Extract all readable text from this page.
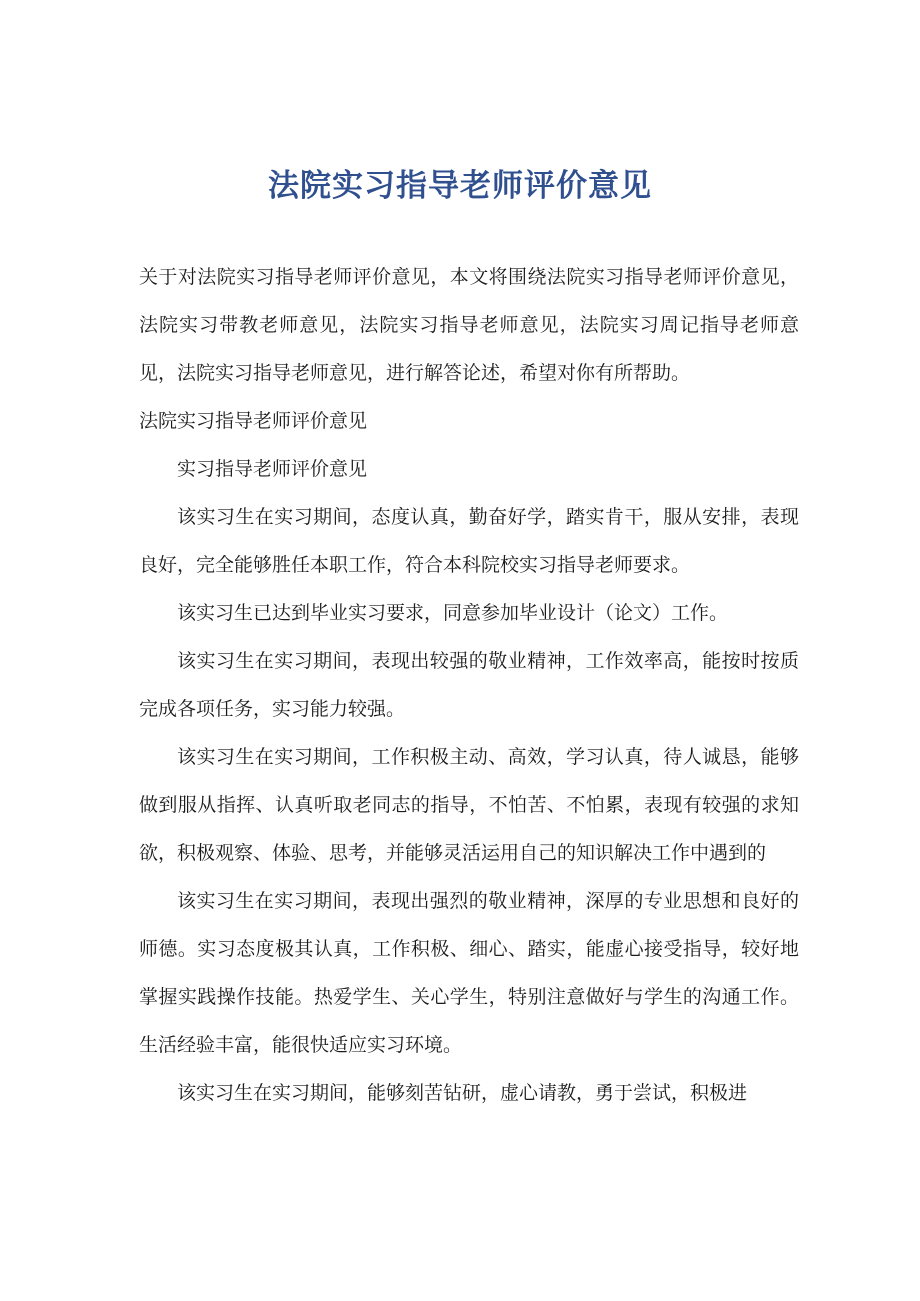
法院实习指导老师评价意见

关于对法院实习指导老师评价意见，本文将围绕法院实习指导老师评价意见，法院实习带教老师意见，法院实习指导老师意见，法院实习周记指导老师意见，法院实习指导老师意见，进行解答论述，希望对你有所帮助。

法院实习指导老师评价意见

实习指导老师评价意见

该实习生在实习期间，态度认真，勤奋好学，踏实肯干，服从安排，表现良好，完全能够胜任本职工作，符合本科院校实习指导老师要求。

该实习生已达到毕业实习要求，同意参加毕业设计（论文）工作。

该实习生在实习期间，表现出较强的敬业精神，工作效率高，能按时按质完成各项任务，实习能力较强。

该实习生在实习期间，工作积极主动、高效，学习认真，待人诚恳，能够做到服从指挥、认真听取老同志的指导，不怕苦、不怕累，表现有较强的求知欲，积极观察、体验、思考，并能够灵活运用自己的知识解决工作中遇到的

该实习生在实习期间，表现出强烈的敬业精神，深厚的专业思想和良好的师德。实习态度极其认真，工作积极、细心、踏实，能虚心接受指导，较好地掌握实践操作技能。热爱学生、关心学生，特别注意做好与学生的沟通工作。生活经验丰富，能很快适应实习环境。

该实习生在实习期间，能够刻苦钻研，虚心请教，勇于尝试，积极进
